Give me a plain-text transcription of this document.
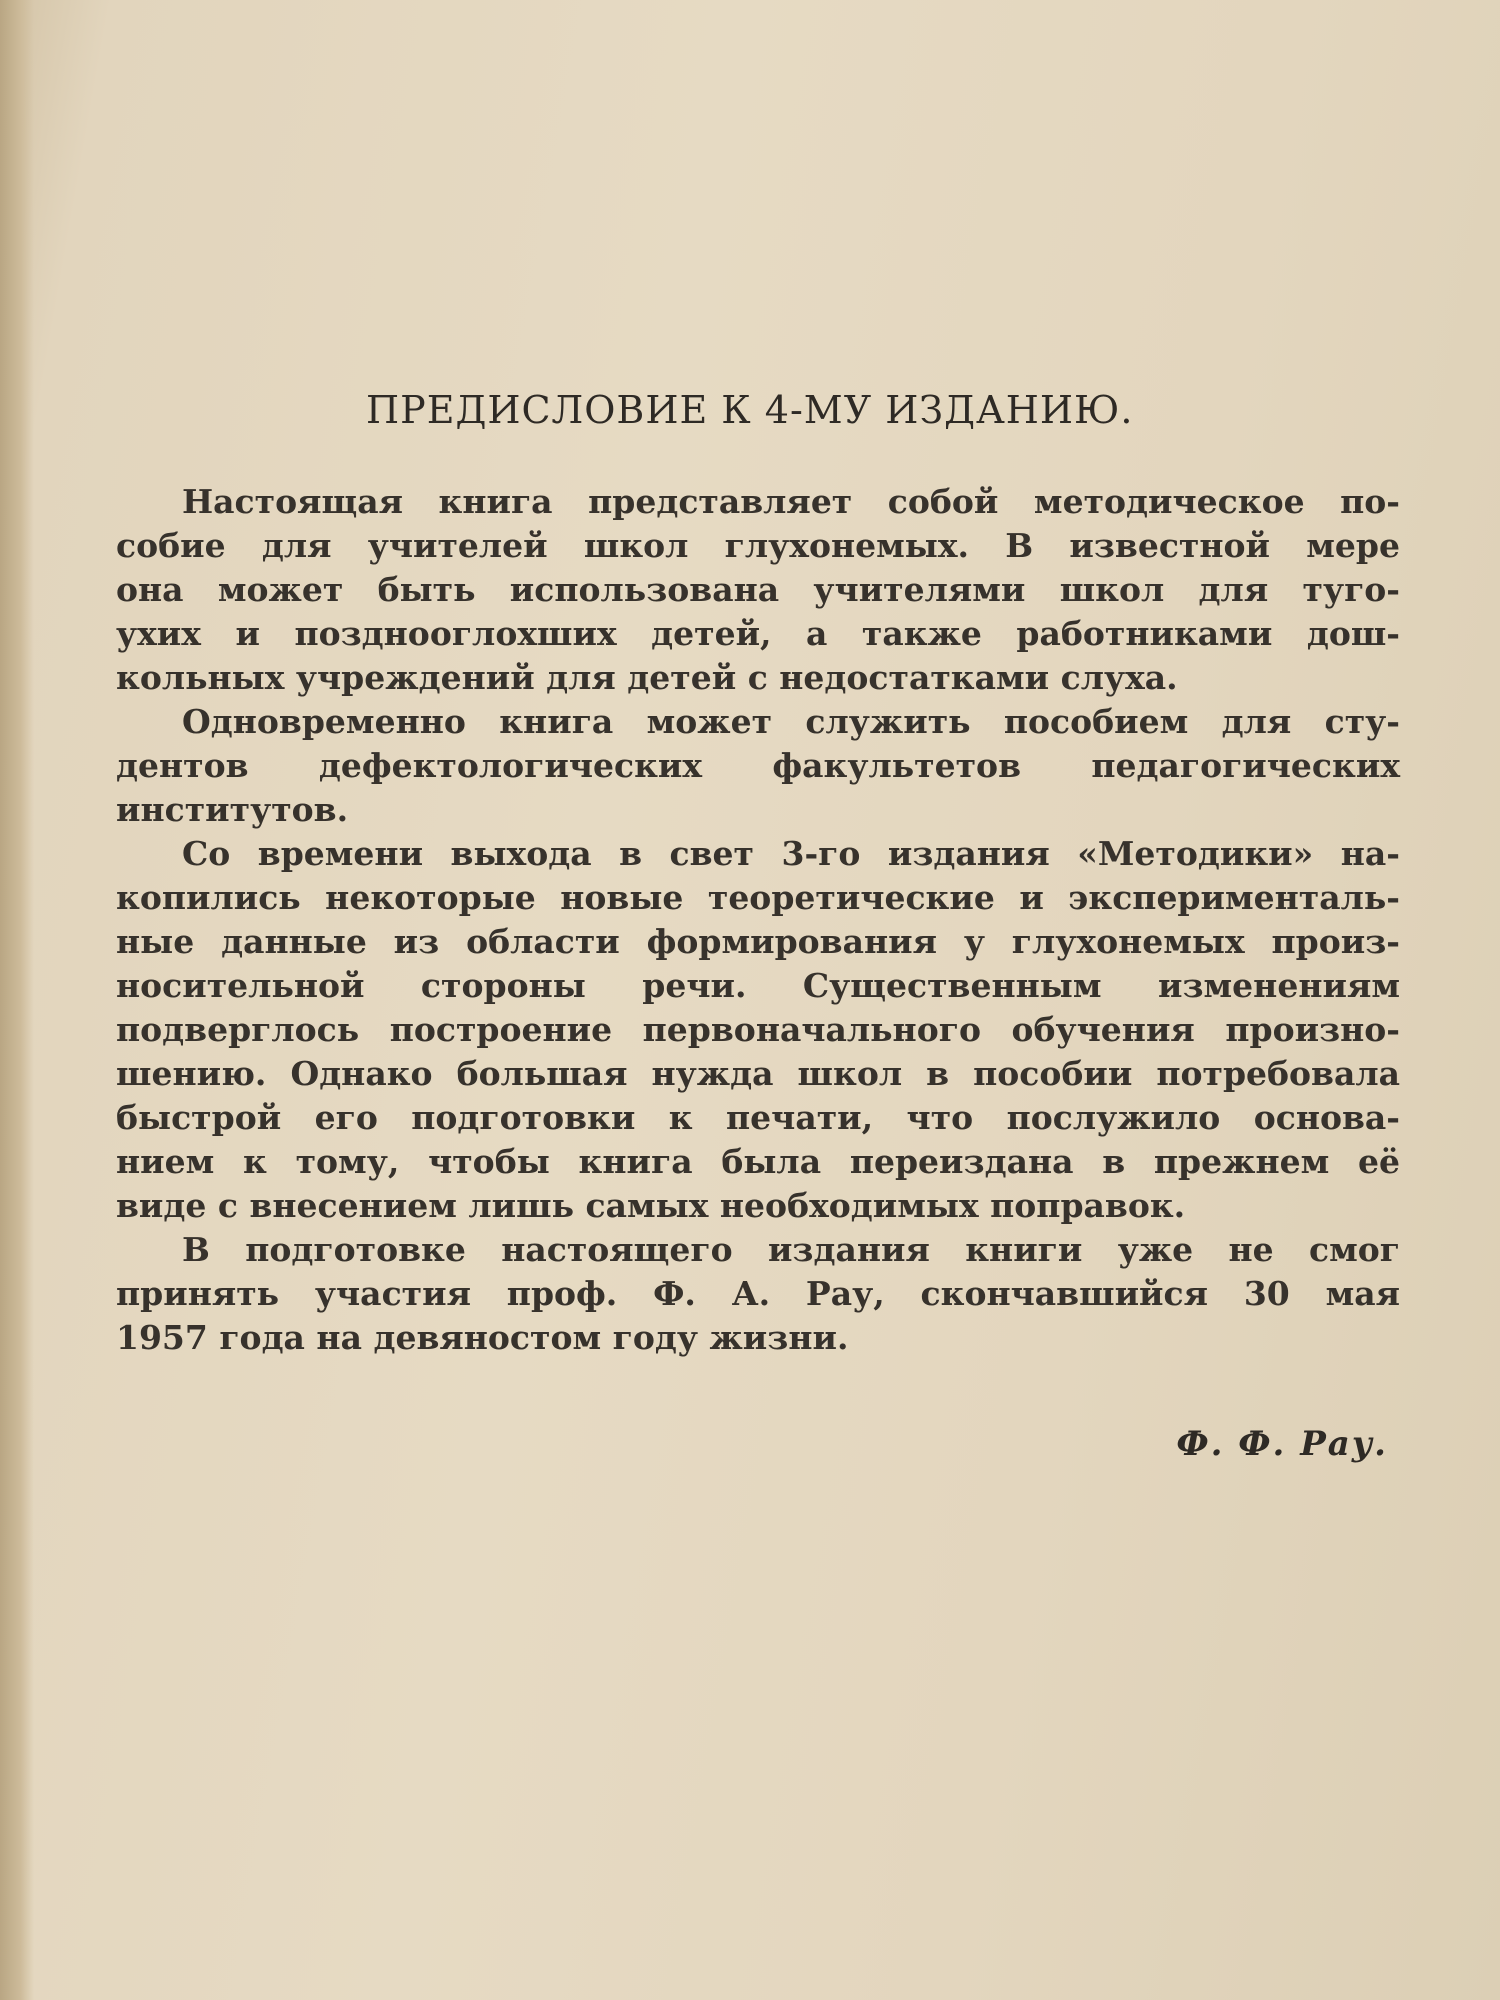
ПРЕДИСЛОВИЕ К 4-МУ ИЗДАНИЮ.
Настоящая книга представляет собой методическое по-
собие для учителей школ глухонемых. В известной мере
она может быть использована учителями школ для туго-
ухих и позднооглохших детей, а также работниками дош-
кольных учреждений для детей с недостатками слуха.
Одновременно книга может служить пособием для сту-
дентов дефектологических факультетов педагогических
институтов.
Со времени выхода в свет 3-го издания «Методики» на-
копились некоторые новые теоретические и эксперименталь-
ные данные из области формирования у глухонемых произ-
носительной стороны речи. Существенным изменениям
подверглось построение первоначального обучения произно-
шению. Однако большая нужда школ в пособии потребовала
быстрой его подготовки к печати, что послужило основа-
нием к тому, чтобы книга была переиздана в прежнем её
виде с внесением лишь самых необходимых поправок.
В подготовке настоящего издания книги уже не смог
принять участия проф. Ф. А. Рау, скончавшийся 30 мая
1957 года на девяностом году жизни.
Ф. Ф. Рау.
